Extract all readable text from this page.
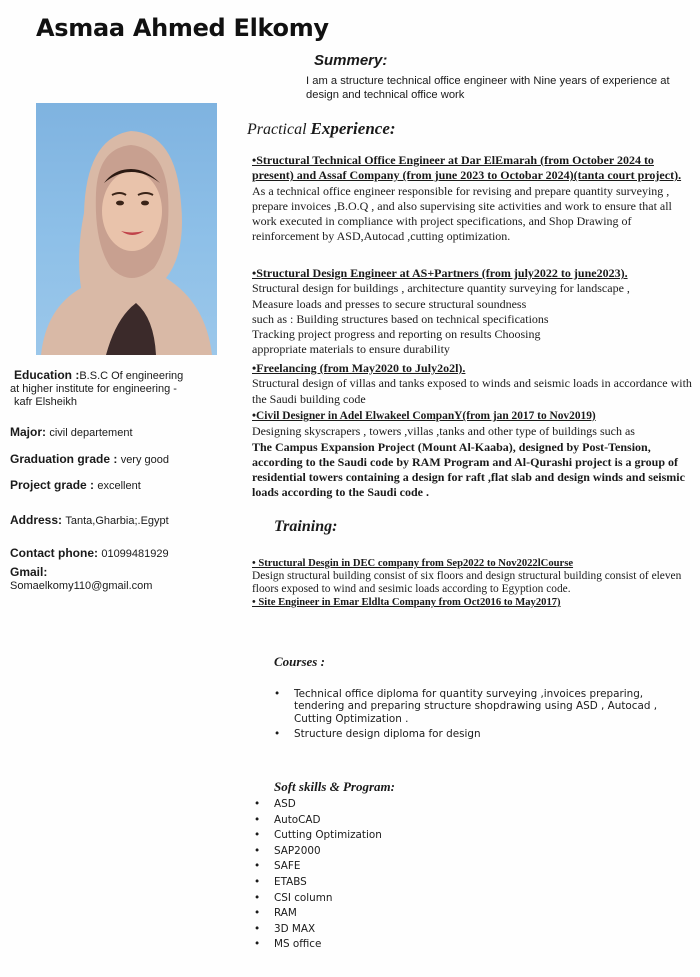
Asmaa Ahmed Elkomy
Summery:
I am a structure technical office engineer with Nine years of experience at design and technical office work
Education :B.S.C Of engineering
at higher institute for engineering -
kafr Elsheikh
Major: civil departement
Graduation grade : very good
Project grade : excellent
Address: Tanta,Gharbia;.Egypt
Contact phone: 01099481929
Gmail:
Somaelkomy110@gmail.com
Practical Experience:
•Structural Technical Office Engineer at Dar ElEmarah (from October 2024 to present) and Assaf Company (from june 2023 to Octobar 2024)(tanta court project).
As a technical office engineer responsible for revising and prepare quantity surveying , prepare invoices ,B.O.Q , and also supervising site activities and work to ensure that all work executed in compliance with project specifications, and Shop Drawing of reinforcement by ASD,Autocad ,cutting optimization.
•Structural Design Engineer at AS+Partners (from july2022 to june2023).
Structural design for buildings , architecture quantity surveying for landscape ,
Measure loads and presses to secure structural soundness
such as : Building structures based on technical specifications
Tracking project progress and reporting on results Choosing
appropriate materials to ensure durability
•Freelancing (from May2020 to July2o2l).
Structural design of villas and tanks exposed to winds and seismic loads in accordance with the Saudi building code
•Civil Designer in Adel Elwakeel CompanY(from jan 2017 to Nov2019)
Designing skyscrapers , towers ,villas ,tanks and other type of buildings such as
The Campus Expansion Project (Mount Al-Kaaba), designed by Post-Tension, according to the Saudi code by RAM Program and Al-Qurashi project is a group of residential towers containing a design for raft ,flat slab and design winds and seismic loads according to the Saudi code .
Training:
• Structural Desgin in DEC company from Sep2022 to Nov2022lCourse
Design structural building consist of six floors and design structural building consist of eleven floors exposed to wind and sesimic loads according to Egyption code.
• Site Engineer in Emar Eldlta Company from Oct2016 to May2017)
Courses :
• Technical office diploma for quantity surveying ,invoices preparing, tendering and preparing structure shopdrawing using ASD , Autocad , Cutting Optimization .
• Structure design diploma for design
Soft skills & Program:
• ASD
• AutoCAD
• Cutting Optimization
• SAP2000
• SAFE
• ETABS
• CSI column
• RAM
• 3D MAX
• MS office
